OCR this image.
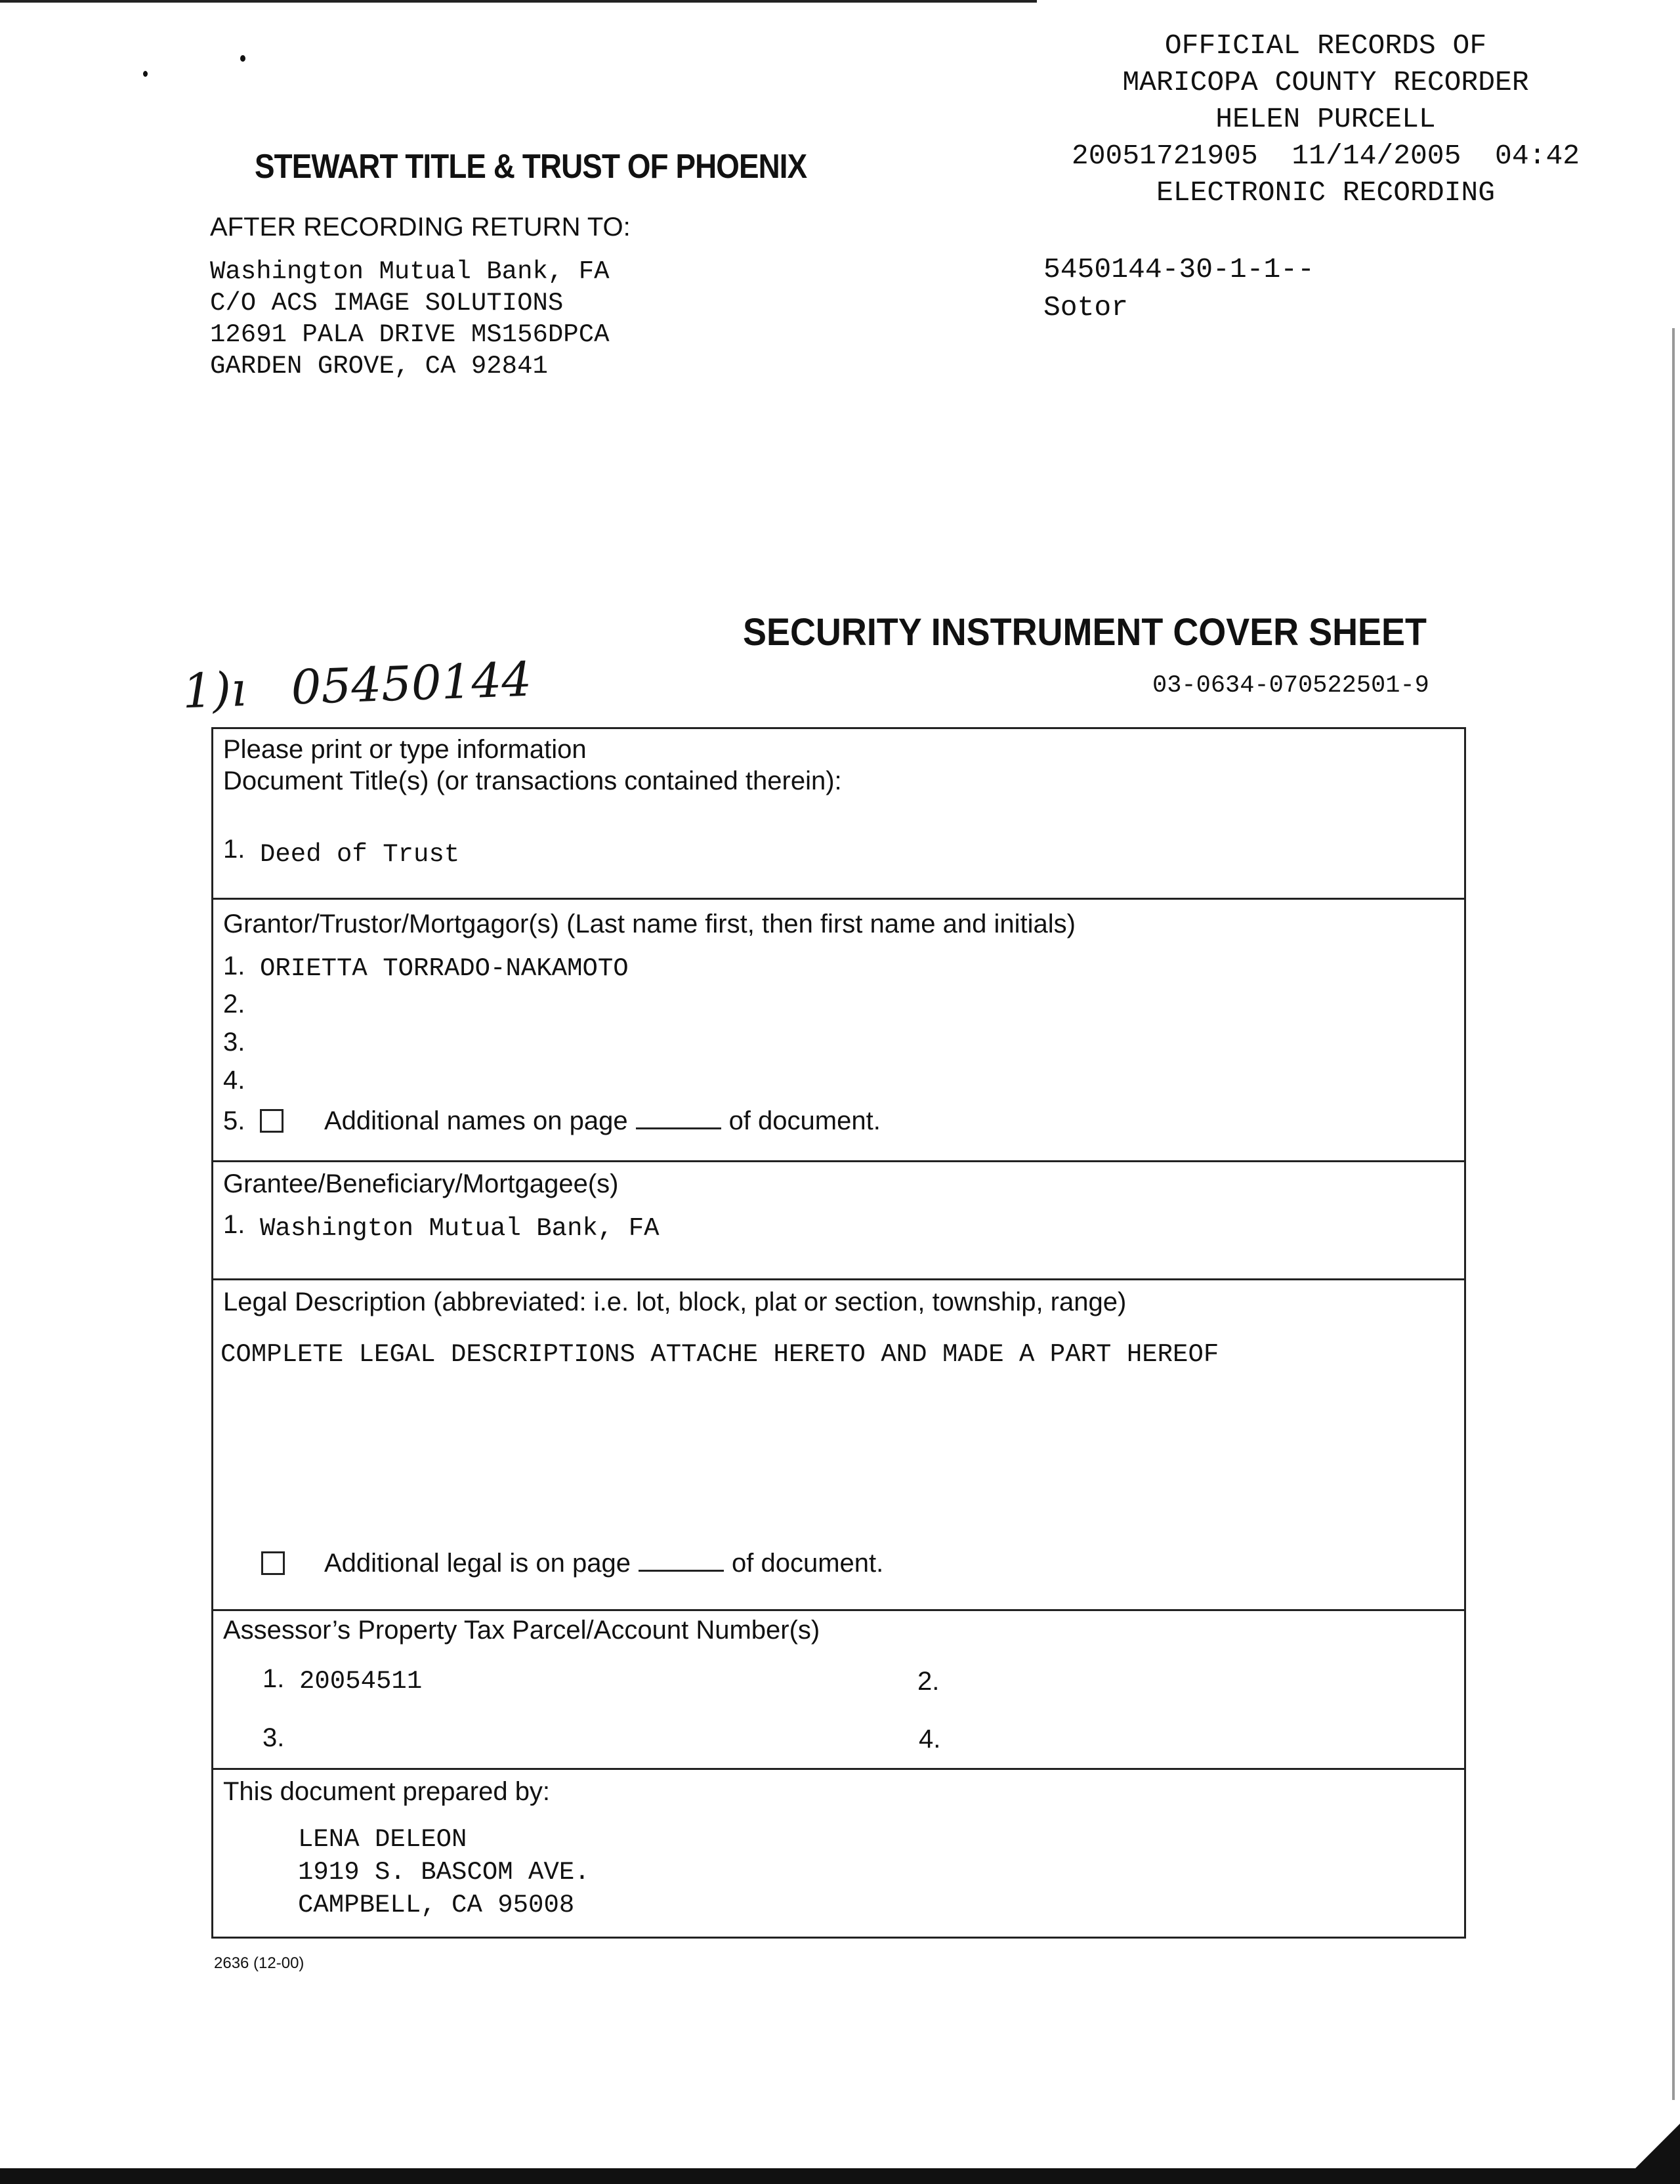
OFFICIAL RECORDS OF
MARICOPA COUNTY RECORDER
HELEN PURCELL
20051721905  11/14/2005  04:42
ELECTRONIC RECORDING
5450144-30-1-1--
Sotor
STEWART TITLE & TRUST OF PHOENIX
AFTER RECORDING RETURN TO:
Washington Mutual Bank, FA
C/O ACS IMAGE SOLUTIONS
12691 PALA DRIVE MS156DPCA
GARDEN GROVE, CA 92841
SECURITY INSTRUMENT COVER SHEET
03-0634-070522501-9
1)ı   05450144
Please print or type information
Document Title(s) (or transactions contained therein):
1. Deed of Trust
Grantor/Trustor/Mortgagor(s) (Last name first, then first name and initials)
1. ORIETTA TORRADO-NAKAMOTO
2.
3.
4.
5.	Additional names on page	of document.
Grantee/Beneficiary/Mortgagee(s)
1. Washington Mutual Bank, FA
Legal Description (abbreviated: i.e. lot, block, plat or section, township, range)
COMPLETE LEGAL DESCRIPTIONS ATTACHE HERETO AND MADE A PART HEREOF
Additional legal is on page	of document.
Assessor’s Property Tax Parcel/Account Number(s)
1. 20054511	2.
3.	4.
This document prepared by:
LENA DELEON
1919 S. BASCOM AVE.
CAMPBELL, CA 95008
2636 (12-00)
